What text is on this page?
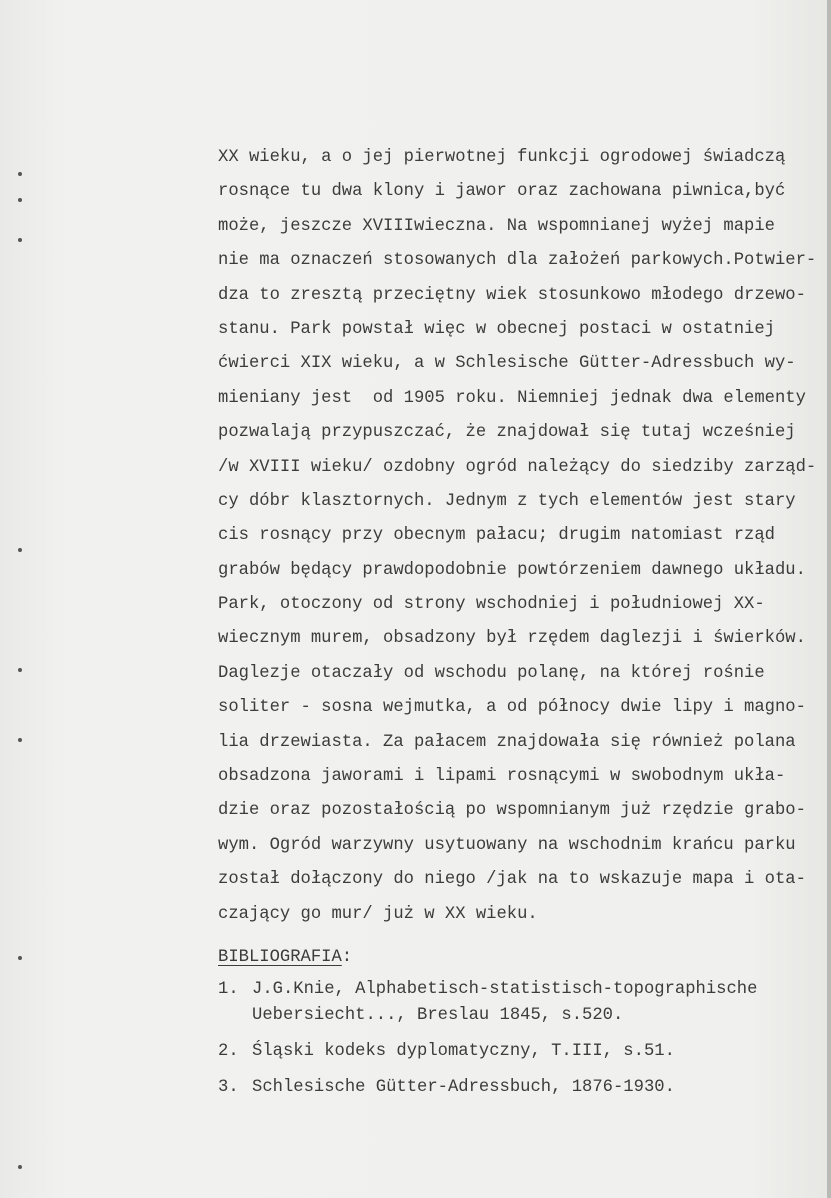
XX wieku, a o jej pierwotnej funkcji ogrodowej świadczą
rosnące tu dwa klony i jawor oraz zachowana piwnica,być
może, jeszcze XVIIIwieczna. Na wspomnianej wyżej mapie
nie ma oznaczeń stosowanych dla założeń parkowych.Potwier-
dza to zresztą przeciętny wiek stosunkowo młodego drzewo-
stanu. Park powstał więc w obecnej postaci w ostatniej
ćwierci XIX wieku, a w Schlesische Gütter-Adressbuch wy-
mieniany jest  od 1905 roku. Niemniej jednak dwa elementy
pozwalają przypuszczać, że znajdował się tutaj wcześniej
/w XVIII wieku/ ozdobny ogród należący do siedziby zarząd-
cy dóbr klasztornych. Jednym z tych elementów jest stary
cis rosnący przy obecnym pałacu; drugim natomiast rząd
grabów będący prawdopodobnie powtórzeniem dawnego układu.
Park, otoczony od strony wschodniej i południowej XX-
wiecznym murem, obsadzony był rzędem daglezji i świerków.
Daglezje otaczały od wschodu polanę, na której rośnie
soliter - sosna wejmutka, a od północy dwie lipy i magno-
lia drzewiasta. Za pałacem znajdowała się również polana
obsadzona jaworami i lipami rosnącymi w swobodnym ukła-
dzie oraz pozostałością po wspomnianym już rzędzie grabo-
wym. Ogród warzywny usytuowany na wschodnim krańcu parku
został dołączony do niego /jak na to wskazuje mapa i ota-
czający go mur/ już w XX wieku.
BIBLIOGRAFIA:
1. J.G.Knie, Alphabetisch-statistisch-topographische
Uebersiecht..., Breslau 1845, s.520.
2. Śląski kodeks dyplomatyczny, T.III, s.51.
3. Schlesische Gütter-Adressbuch, 1876-1930.
